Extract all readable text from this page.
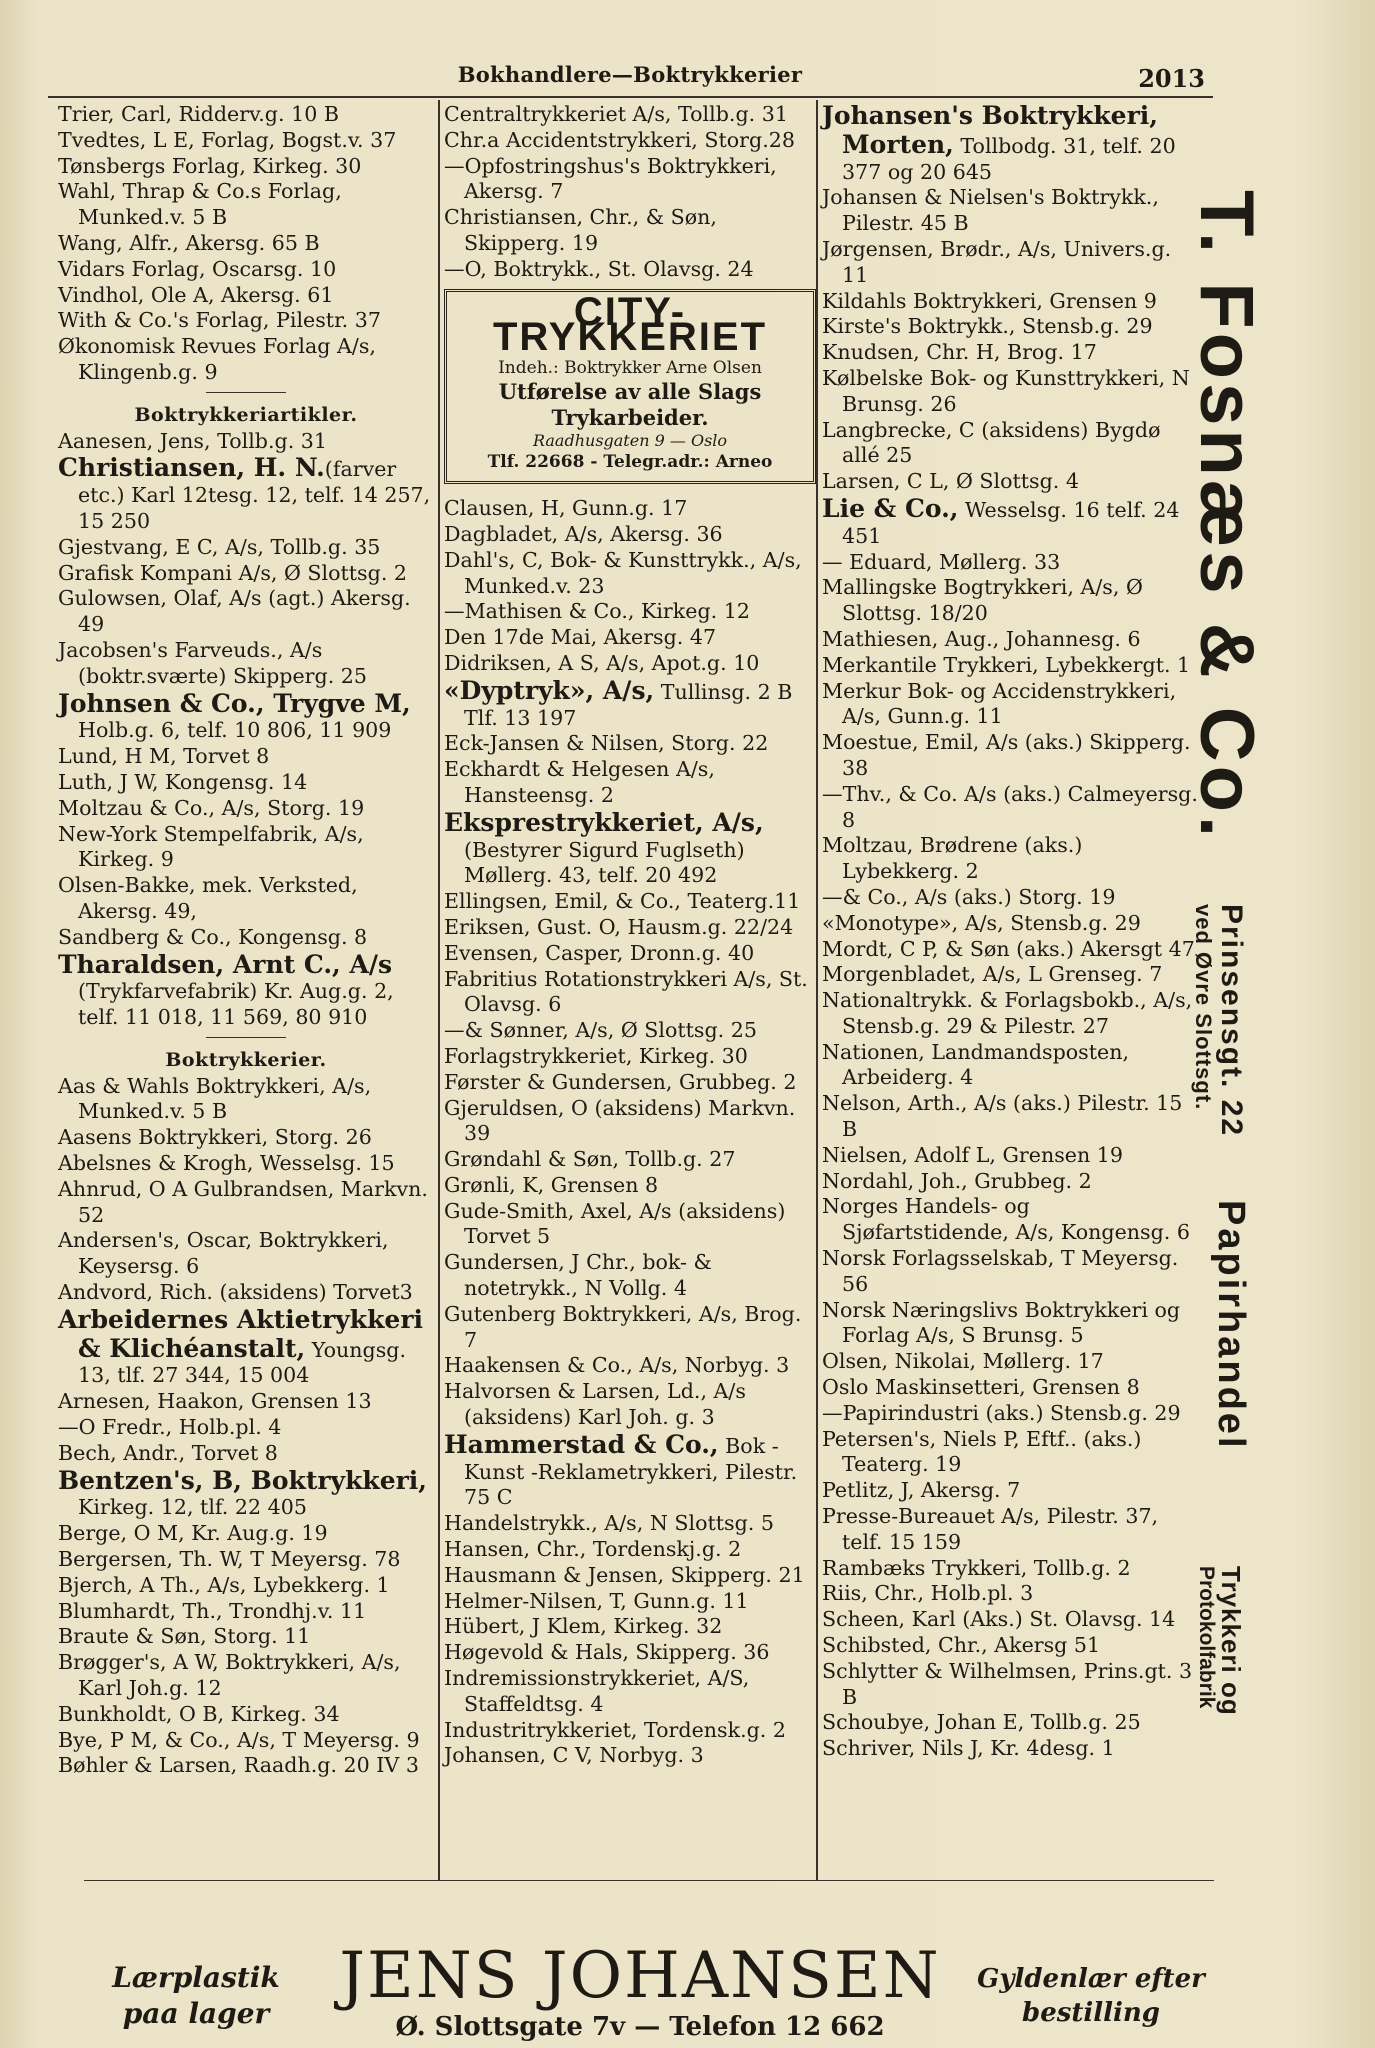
Bokhandlere—Boktrykkerier	2013

Trier, Carl, Ridderv.g. 10 B

Tvedtes, L E, Forlag, Bogst.v. 37

Tønsbergs Forlag, Kirkeg. 30

Wahl, Thrap & Co.s Forlag, Munked.v. 5 B

Wang, Alfr., Akersg. 65 B

Vidars Forlag, Oscarsg. 10

Vindhol, Ole A, Akersg. 61

With & Co.'s Forlag, Pilestr. 37

Økonomisk Revues Forlag A/s, Klingenb.g. 9

Boktrykkeriartikler.

Aanesen, Jens, Tollb.g. 31

Christiansen, H. N.(farver etc.) Karl 12tesg. 12, telf. 14 257, 15 250

Gjestvang, E C, A/s, Tollb.g. 35

Grafisk Kompani A/s, Ø Slottsg. 2

Gulowsen, Olaf, A/s (agt.) Akersg. 49

Jacobsen's Farveuds., A/s (boktr.sværte) Skipperg. 25

Johnsen & Co., Trygve M, Holb.g. 6, telf. 10 806, 11 909

Lund, H M, Torvet 8

Luth, J W, Kongensg. 14

Moltzau & Co., A/s, Storg. 19

New-York Stempelfabrik, A/s, Kirkeg. 9

Olsen-Bakke, mek. Verksted, Akersg. 49,

Sandberg & Co., Kongensg. 8

Tharaldsen, Arnt C., A/s (Trykfarvefabrik) Kr. Aug.g. 2, telf. 11 018, 11 569, 80 910

Boktrykkerier.

Aas & Wahls Boktrykkeri, A/s, Munked.v. 5 B

Aasens Boktrykkeri, Storg. 26

Abelsnes & Krogh, Wesselsg. 15

Ahnrud, O A Gulbrandsen, Markvn. 52

Andersen's, Oscar, Boktrykkeri, Keysersg. 6

Andvord, Rich. (aksidens) Torvet3

Arbeidernes Aktietrykkeri & Klichéanstalt, Youngsg. 13, tlf. 27 344, 15 004

Arnesen, Haakon, Grensen 13

—O Fredr., Holb.pl. 4

Bech, Andr., Torvet 8

Bentzen's, B, Boktrykkeri, Kirkeg. 12, tlf. 22 405

Berge, O M, Kr. Aug.g. 19

Bergersen, Th. W, T Meyersg. 78

Bjerch, A Th., A/s, Lybekkerg. 1

Blumhardt, Th., Trondhj.v. 11

Braute & Søn, Storg. 11

Brøgger's, A W, Boktrykkeri, A/s, Karl Joh.g. 12

Bunkholdt, O B, Kirkeg. 34

Bye, P M, & Co., A/s, T Meyersg. 9

Bøhler & Larsen, Raadh.g. 20 IV 3

Centraltrykkeriet A/s, Tollb.g. 31

Chr.a Accidentstrykkeri, Storg.28

—Opfostringshus's Boktrykkeri, Akersg. 7

Christiansen, Chr., & Søn, Skipperg. 19

—O, Boktrykk., St. Olavsg. 24

CITY-TRYKKERIET
Indeh.: Boktrykker Arne Olsen
Utførelse av alle Slags
Trykarbeider.
Raadhusgaten 9 — Oslo
Tlf. 22668 - Telegr.adr.: Arneo

Clausen, H, Gunn.g. 17

Dagbladet, A/s, Akersg. 36

Dahl's, C, Bok- & Kunsttrykk., A/s, Munked.v. 23

—Mathisen & Co., Kirkeg. 12

Den 17de Mai, Akersg. 47

Didriksen, A S, A/s, Apot.g. 10

«Dyptryk», A/s, Tullinsg. 2 B Tlf. 13 197

Eck-Jansen & Nilsen, Storg. 22

Eckhardt & Helgesen A/s, Hansteensg. 2

Eksprestrykkeriet, A/s, (Bestyrer Sigurd Fuglseth) Møllerg. 43, telf. 20 492

Ellingsen, Emil, & Co., Teaterg.11

Eriksen, Gust. O, Hausm.g. 22/24

Evensen, Casper, Dronn.g. 40

Fabritius Rotationstrykkeri A/s, St. Olavsg. 6

—& Sønner, A/s, Ø Slottsg. 25

Forlagstrykkeriet, Kirkeg. 30

Førster & Gundersen, Grubbeg. 2

Gjeruldsen, O (aksidens) Markvn. 39

Grøndahl & Søn, Tollb.g. 27

Grønli, K, Grensen 8

Gude-Smith, Axel, A/s (aksidens) Torvet 5

Gundersen, J Chr., bok- & notetrykk., N Vollg. 4

Gutenberg Boktrykkeri, A/s, Brog. 7

Haakensen & Co., A/s, Norbyg. 3

Halvorsen & Larsen, Ld., A/s (aksidens) Karl Joh. g. 3

Hammerstad & Co., Bok - Kunst -Reklametrykkeri, Pilestr. 75 C

Handelstrykk., A/s, N Slottsg. 5

Hansen, Chr., Tordenskj.g. 2

Hausmann & Jensen, Skipperg. 21

Helmer-Nilsen, T, Gunn.g. 11

Hübert, J Klem, Kirkeg. 32

Høgevold & Hals, Skipperg. 36

Indremissionstrykkeriet, A/S, Staffeldtsg. 4

Industritrykkeriet, Tordensk.g. 2

Johansen, C V, Norbyg. 3

Johansen's Boktrykkeri, Morten, Tollbodg. 31, telf. 20 377 og 20 645

Johansen & Nielsen's Boktrykk., Pilestr. 45 B

Jørgensen, Brødr., A/s, Univers.g. 11

Kildahls Boktrykkeri, Grensen 9

Kirste's Boktrykk., Stensb.g. 29

Knudsen, Chr. H, Brog. 17

Kølbelske Bok- og Kunsttrykkeri, N Brunsg. 26

Langbrecke, C (aksidens) Bygdø allé 25

Larsen, C L, Ø Slottsg. 4

Lie & Co., Wesselsg. 16 telf. 24 451

— Eduard, Møllerg. 33

Mallingske Bogtrykkeri, A/s, Ø Slottsg. 18/20

Mathiesen, Aug., Johannesg. 6

Merkantile Trykkeri, Lybekkergt. 1

Merkur Bok- og Accidenstrykkeri, A/s, Gunn.g. 11

Moestue, Emil, A/s (aks.) Skipperg. 38

—Thv., & Co. A/s (aks.) Calmeyersg. 8

Moltzau, Brødrene (aks.) Lybekkerg. 2

—& Co., A/s (aks.) Storg. 19

«Monotype», A/s, Stensb.g. 29

Mordt, C P, & Søn (aks.) Akersgt 47

Morgenbladet, A/s, L Grenseg. 7

Nationaltrykk. & Forlagsbokb., A/s, Stensb.g. 29 & Pilestr. 27

Nationen, Landmandsposten, Arbeiderg. 4

Nelson, Arth., A/s (aks.) Pilestr. 15 B

Nielsen, Adolf L, Grensen 19

Nordahl, Joh., Grubbeg. 2

Norges Handels- og Sjøfartstidende, A/s, Kongensg. 6

Norsk Forlagsselskab, T Meyersg. 56

Norsk Næringslivs Boktrykkeri og Forlag A/s, S Brunsg. 5

Olsen, Nikolai, Møllerg. 17

Oslo Maskinsetteri, Grensen 8

—Papirindustri (aks.) Stensb.g. 29

Petersen's, Niels P, Eftf.. (aks.) Teaterg. 19

Petlitz, J, Akersg. 7

Presse-Bureauet A/s, Pilestr. 37, telf. 15 159

Rambæks Trykkeri, Tollb.g. 2

Riis, Chr., Holb.pl. 3

Scheen, Karl (Aks.) St. Olavsg. 14

Schibsted, Chr., Akersg 51

Schlytter & Wilhelmsen, Prins.gt. 3 B

Schoubye, Johan E, Tollb.g. 25

Schriver, Nils J, Kr. 4desg. 1

T. Fosnæs & Co.
Prinsensgt. 22
ved Øvre Slottsgt.
Papirhandel
Trykkeri og
Protokolfabrik
Lærplastik
paa lager
JENS JOHANSEN
Ø. Slottsgate 7v — Telefon 12 662
Gyldenlær efter
bestilling
